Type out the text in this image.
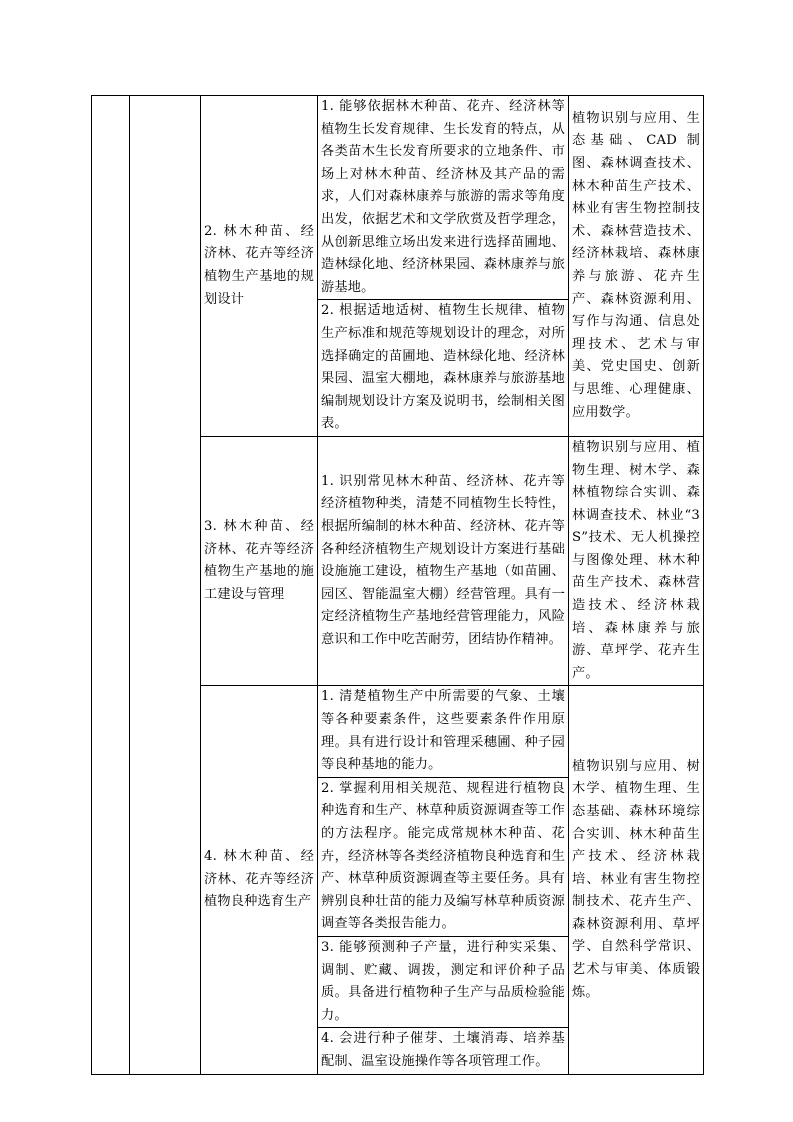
		2. 林木种苗、经济林、花卉等经济植物生产基地的规划设计	1. 能够依据林木种苗、花卉、经济林等植物生长发育规律、生长发育的特点，从各类苗木生长发育所要求的立地条件、市场上对林木种苗、经济林及其产品的需求，人们对森林康养与旅游的需求等角度出发，依据艺术和文学欣赏及哲学理念，从创新思维立场出发来进行选择苗圃地、造林绿化地、经济林果园、森林康养与旅游基地。	植物识别与应用、生态基础、CAD 制图、森林调查技术、林木种苗生产技术、林业有害生物控制技术、森林营造技术、经济林栽培、森林康养与旅游、花卉生产、森林资源利用、写作与沟通、信息处理技术、艺术与审美、党史国史、创新与思维、心理健康、应用数学。
			2. 根据适地适树、植物生长规律、植物生产标准和规范等规划设计的理念，对所选择确定的苗圃地、造林绿化地、经济林果园、温室大棚地，森林康养与旅游基地编制规划设计方案及说明书，绘制相关图表。	
		3. 林木种苗、经济林、花卉等经济植物生产基地的施工建设与管理	1. 识别常见林木种苗、经济林、花卉等经济植物种类，清楚不同植物生长特性，根据所编制的林木种苗、经济林、花卉等各种经济植物生产规划设计方案进行基础设施施工建设，植物生产基地（如苗圃、园区、智能温室大棚）经营管理。具有一定经济植物生产基地经营管理能力，风险意识和工作中吃苦耐劳，团结协作精神。	植物识别与应用、植物生理、树木学、森林植物综合实训、森林调查技术、林业“3S”技术、无人机操控与图像处理、林木种苗生产技术、森林营造技术、经济林栽培、森林康养与旅游、草坪学、花卉生产。
		4. 林木种苗、经济林、花卉等经济植物良种选育生产	1. 清楚植物生产中所需要的气象、土壤等各种要素条件，这些要素条件作用原理。具有进行设计和管理采穗圃、种子园等良种基地的能力。	植物识别与应用、树木学、植物生理、生态基础、森林环境综合实训、林木种苗生产技术、经济林栽培、林业有害生物控制技术、花卉生产、森林资源利用、草坪学、自然科学常识、艺术与审美、体质锻炼。
			2. 掌握利用相关规范、规程进行植物良种选育和生产、林草种质资源调查等工作的方法程序。能完成常规林木种苗、花卉，经济林等各类经济植物良种选育和生产、林草种质资源调查等主要任务。具有辨别良种壮苗的能力及编写林草种质资源调查等各类报告能力。	
			3. 能够预测种子产量，进行种实采集、调制、贮藏、调拨，测定和评价种子品质。具备进行植物种子生产与品质检验能力。	
			4. 会进行种子催芽、土壤消毒、培养基配制、温室设施操作等各项管理工作。	
